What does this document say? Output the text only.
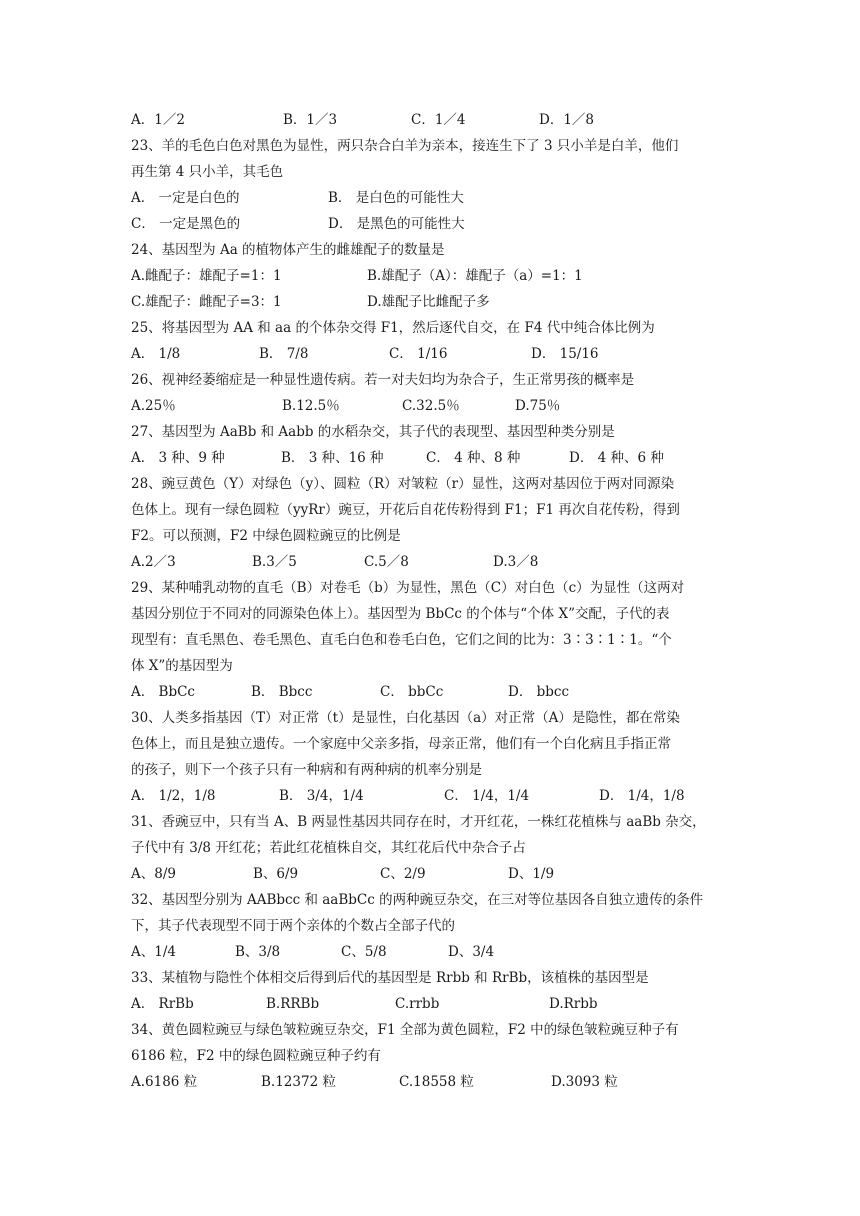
A．1／2	B．1／3	C．1／4	D．1／8
23、羊的毛色白色对黑色为显性，两只杂合白羊为亲本，接连生下了 3 只小羊是白羊，他们
再生第 4 只小羊，其毛色
A． 一定是白色的	B． 是白色的可能性大
C． 一定是黑色的	D． 是黑色的可能性大
24、基因型为 Aa 的植物体产生的雌雄配子的数量是
A.雌配子：雄配子=1：1	B.雄配子（A）：雄配子（a）=1：1
C.雄配子：雌配子=3：1	D.雄配子比雌配子多
25、将基因型为 AA 和 aa 的个体杂交得 F1，然后逐代自交，在 F4 代中纯合体比例为
A． 1/8	B． 7/8	C． 1/16	D． 15/16
26、视神经萎缩症是一种显性遗传病。若一对夫妇均为杂合子，生正常男孩的概率是
A.25％	B.12.5％	C.32.5％	D.75％
27、基因型为 AaBb 和 Aabb 的水稻杂交，其子代的表现型、基因型种类分别是
A． 3 种、9 种	B． 3 种、16 种	C． 4 种、8 种	D． 4 种、6 种
28、豌豆黄色（Y）对绿色（y）、圆粒（R）对皱粒（r）显性，这两对基因位于两对同源染
色体上。现有一绿色圆粒（yyRr）豌豆，开花后自花传粉得到 F1；F1 再次自花传粉，得到
F2。可以预测，F2 中绿色圆粒豌豆的比例是
A.2／3	B.3／5	C.5／8	D.3／8
29、某种哺乳动物的直毛（B）对卷毛（b）为显性，黑色（C）对白色（c）为显性（这两对
基因分别位于不同对的同源染色体上）。基因型为 BbCc 的个体与“个体 X”交配，子代的表
现型有：直毛黑色、卷毛黑色、直毛白色和卷毛白色，它们之间的比为：3∶3∶1∶1。“个
体 X”的基因型为
A． BbCc	B． Bbcc	C． bbCc	D． bbcc
30、人类多指基因（T）对正常（t）是显性，白化基因（a）对正常（A）是隐性，都在常染
色体上，而且是独立遗传。一个家庭中父亲多指，母亲正常，他们有一个白化病且手指正常
的孩子，则下一个孩子只有一种病和有两种病的机率分别是
A． 1/2，1/8	B． 3/4，1/4	C． 1/4，1/4	D． 1/4，1/8
31、香豌豆中，只有当 A、B 两显性基因共同存在时，才开红花，一株红花植株与 aaBb 杂交，
子代中有 3/8 开红花；若此红花植株自交，其红花后代中杂合子占
A、8/9	B、6/9	C、2/9	D、1/9
32、基因型分别为 AABbcc 和 aaBbCc 的两种豌豆杂交，在三对等位基因各自独立遗传的条件
下，其子代表现型不同于两个亲体的个数占全部子代的
A、1/4	B、3/8	C、5/8	D、3/4
33、某植物与隐性个体相交后得到后代的基因型是 Rrbb 和 RrBb，该植株的基因型是
A． RrBb	B.RRBb	C.rrbb	D.Rrbb
34、黄色圆粒豌豆与绿色皱粒豌豆杂交，F1 全部为黄色圆粒，F2 中的绿色皱粒豌豆种子有
6186 粒，F2 中的绿色圆粒豌豆种子约有
A.6186 粒	B.12372 粒	C.18558 粒	D.3093 粒
